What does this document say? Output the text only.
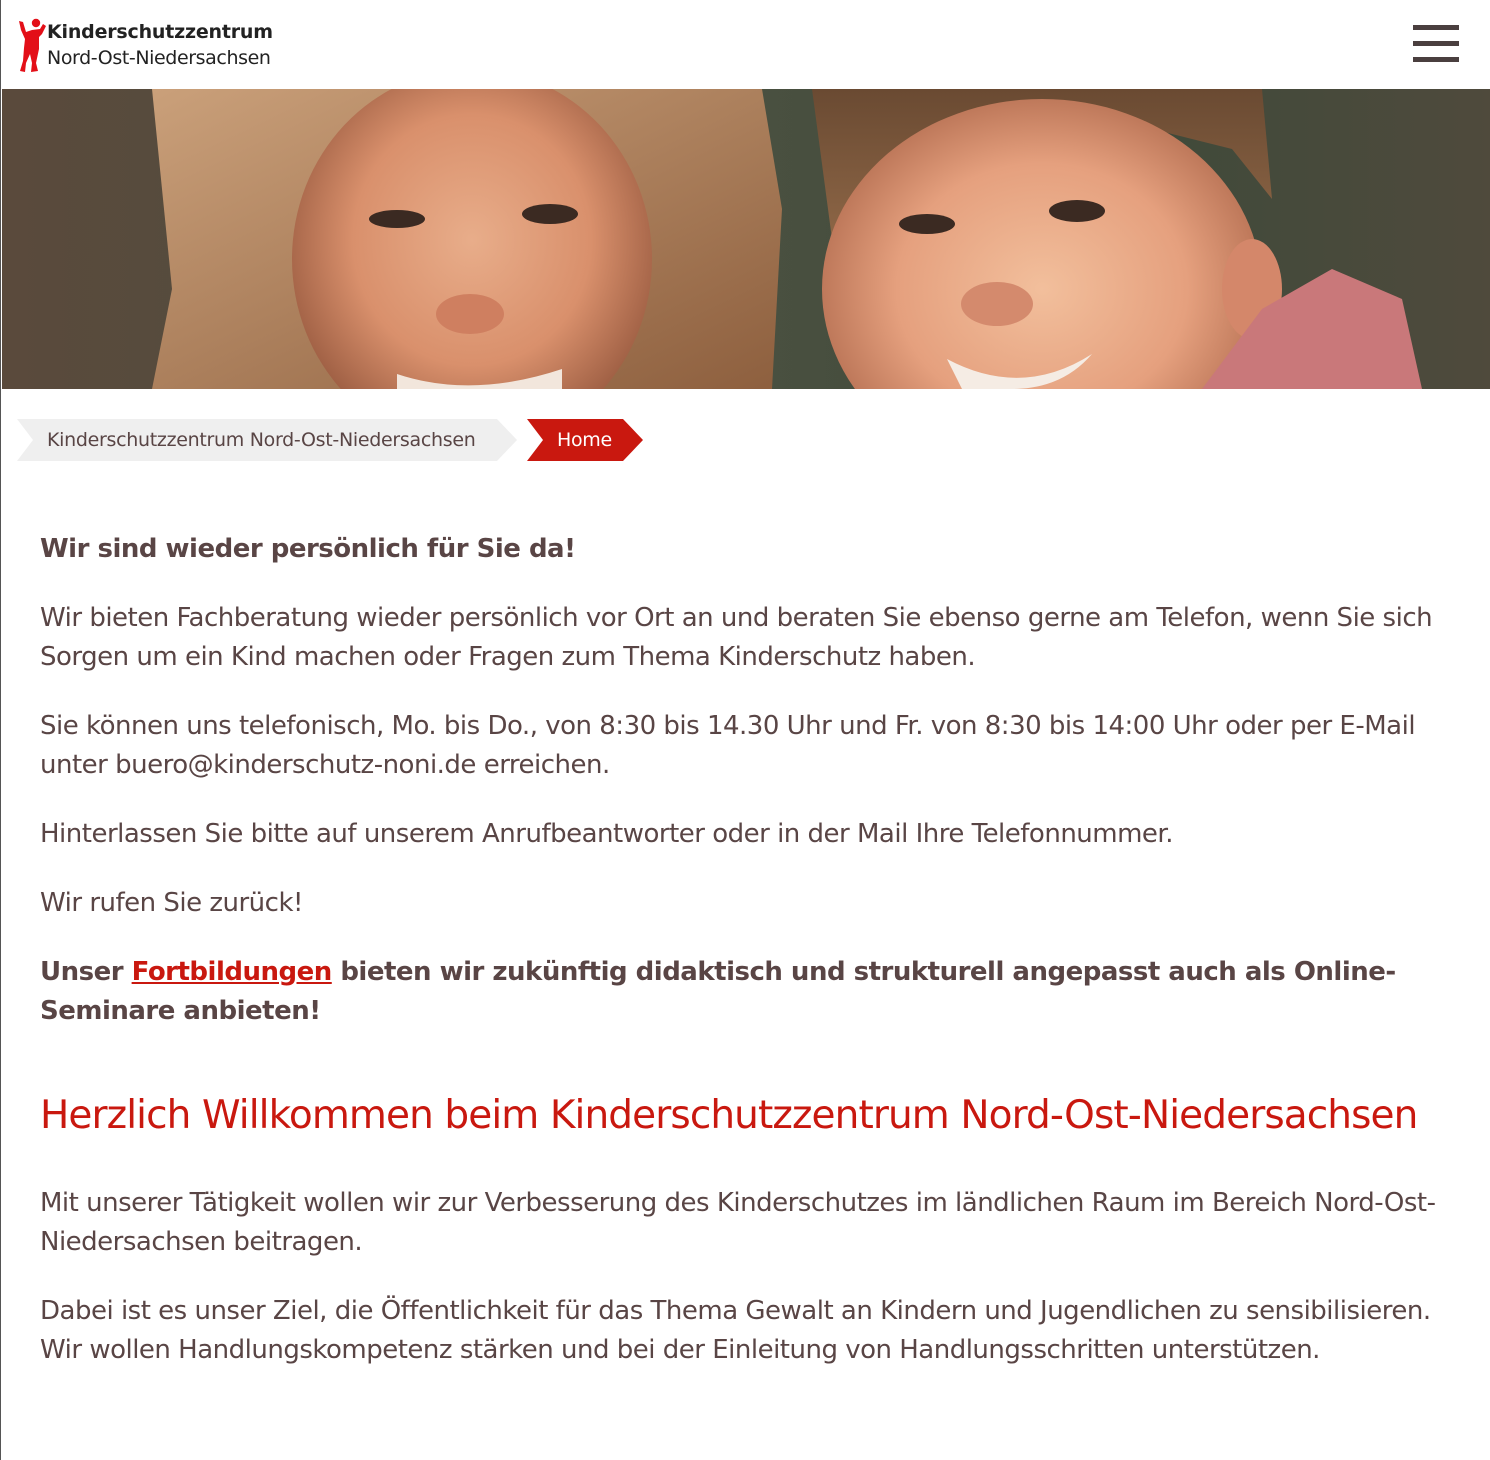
Kinderschutzzentrum
Nord-Ost-Niedersachsen
Kinderschutzzentrum Nord-Ost-Niedersachsen	Home

Wir sind wieder persönlich für Sie da!

Wir bieten Fachberatung wieder persönlich vor Ort an und beraten Sie ebenso gerne am Telefon, wenn Sie sich Sorgen um ein Kind machen oder Fragen zum Thema Kinderschutz haben.

Sie können uns telefonisch, Mo. bis Do., von 8:30 bis 14.30 Uhr und Fr. von 8:30 bis 14:00 Uhr oder per E-Mail unter buero@kinderschutz-noni.de erreichen.

Hinterlassen Sie bitte auf unserem Anrufbeantworter oder in der Mail Ihre Telefonnummer.

Wir rufen Sie zurück!

Unser Fortbildungen bieten wir zukünftig didaktisch und strukturell angepasst auch als Online-Seminare anbieten!

Herzlich Willkommen beim Kinderschutzzentrum Nord-Ost-Niedersachsen

Mit unserer Tätigkeit wollen wir zur Verbesserung des Kinderschutzes im ländlichen Raum im Bereich Nord-Ost-Niedersachsen beitragen.

Dabei ist es unser Ziel, die Öffentlichkeit für das Thema Gewalt an Kindern und Jugendlichen zu sensibilisieren. Wir wollen Handlungskompetenz stärken und bei der Einleitung von Handlungsschritten unterstützen.
